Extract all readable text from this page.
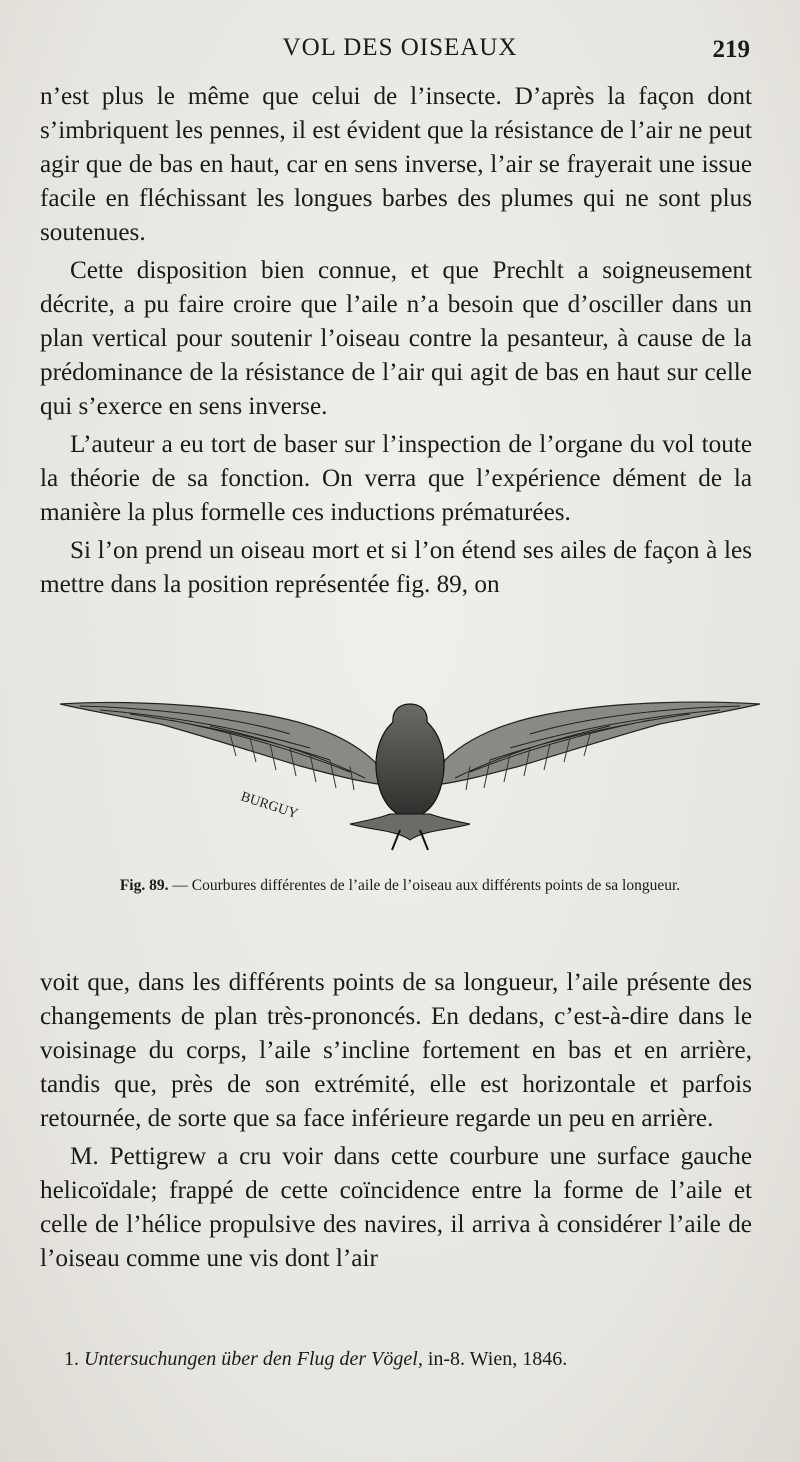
VOL DES OISEAUX	219

n’est plus le même que celui de l’insecte. D’après la façon dont s’imbriquent les pennes, il est évident que la résistance de l’air ne peut agir que de bas en haut, car en sens inverse, l’air se frayerait une issue facile en fléchissant les longues barbes des plumes qui ne sont plus soutenues.

Cette disposition bien connue, et que Prechlt a soigneusement décrite, a pu faire croire que l’aile n’a besoin que d’osciller dans un plan vertical pour soutenir l’oiseau contre la pesanteur, à cause de la prédominance de la résistance de l’air qui agit de bas en haut sur celle qui s’exerce en sens inverse.

L’auteur a eu tort de baser sur l’inspection de l’organe du vol toute la théorie de sa fonction. On verra que l’expérience dément de la manière la plus formelle ces inductions prématurées.

Si l’on prend un oiseau mort et si l’on étend ses ailes de façon à les mettre dans la position représentée fig. 89, on

BURGUY
Fig. 89. — Courbures différentes de l’aile de l’oiseau aux différents points de sa longueur.

voit que, dans les différents points de sa longueur, l’aile présente des changements de plan très-prononcés. En dedans, c’est-à-dire dans le voisinage du corps, l’aile s’incline fortement en bas et en arrière, tandis que, près de son extrémité, elle est horizontale et parfois retournée, de sorte que sa face inférieure regarde un peu en arrière.

M. Pettigrew a cru voir dans cette courbure une surface gauche helicoïdale; frappé de cette coïncidence entre la forme de l’aile et celle de l’hélice propulsive des navires, il arriva à considérer l’aile de l’oiseau comme une vis dont l’air

1. Untersuchungen über den Flug der Vögel, in-8. Wien, 1846.
